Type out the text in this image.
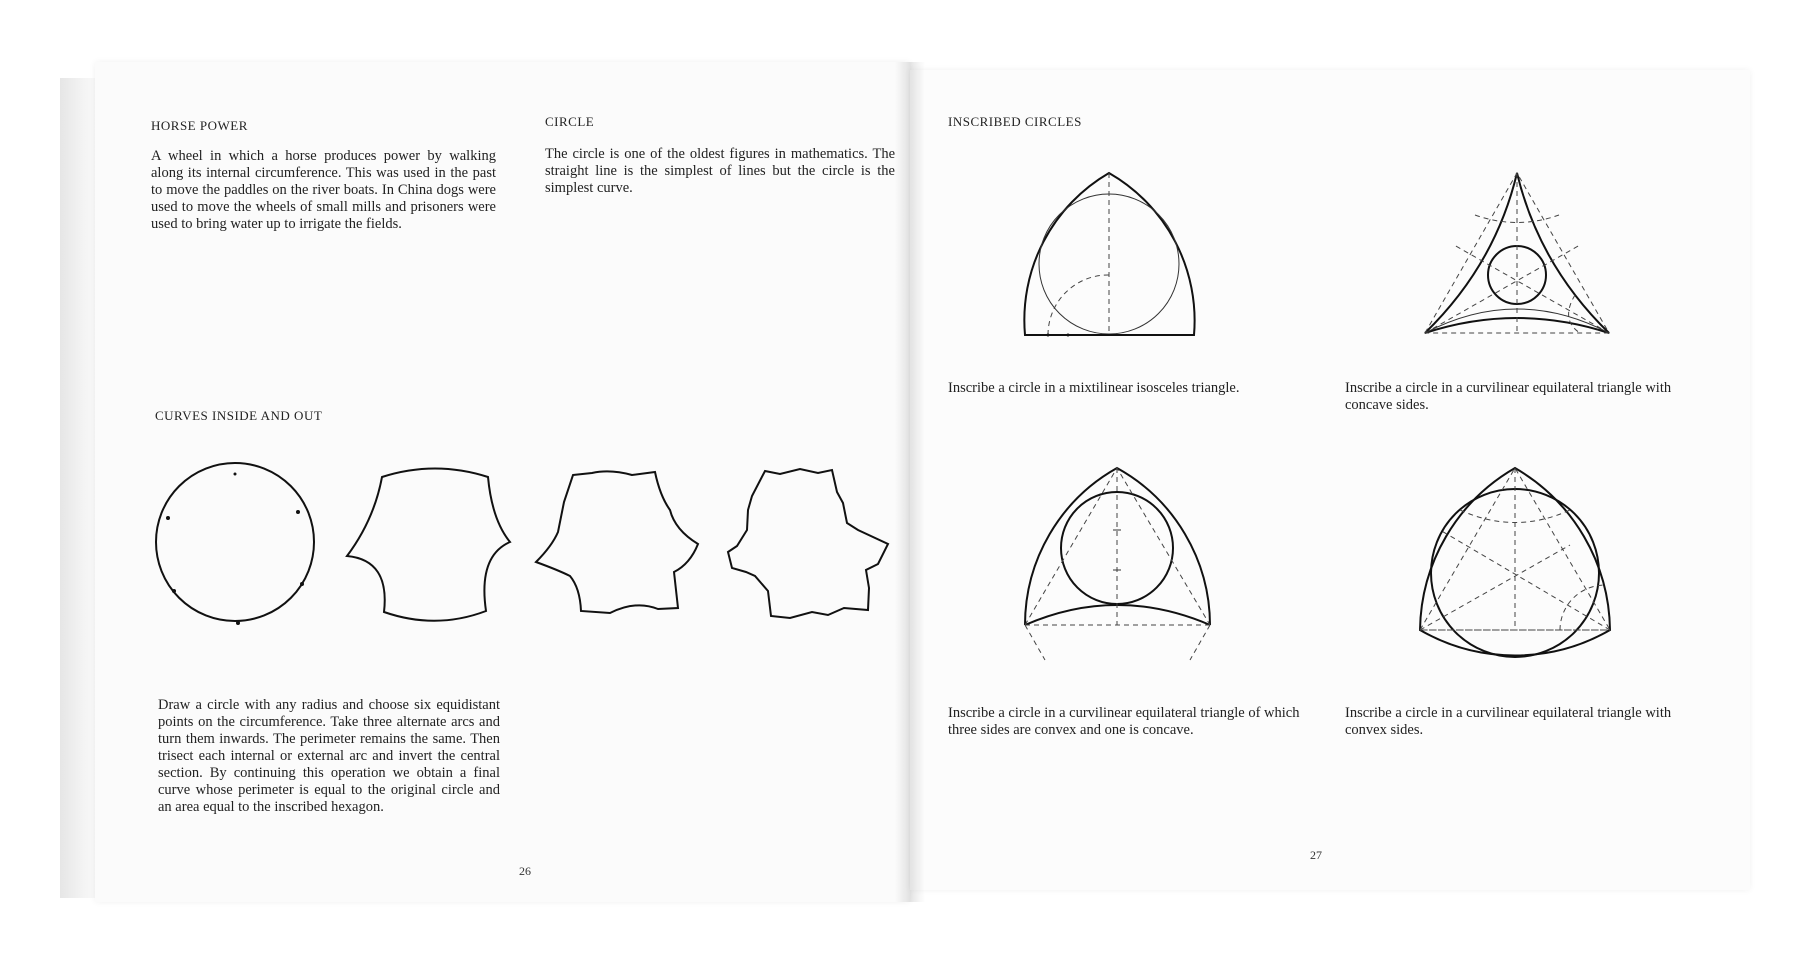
HORSE POWER
A wheel in which a horse produces power by walking along its internal circumference. This was used in the past to move the paddles on the river boats. In China dogs were used to move the wheels of small mills and prisoners were used to bring water up to irrigate the fields.
CIRCLE
The circle is one of the oldest figures in mathematics. The straight line is the simplest of lines but the circle is the simplest curve.
CURVES INSIDE AND OUT
Draw a circle with any radius and choose six equidistant points on the circumference. Take three alternate arcs and turn them inwards. The perimeter remains the same. Then trisect each internal or external arc and invert the central section. By continuing this operation we obtain a final curve whose perimeter is equal to the original circle and an area equal to the inscribed hexagon.
26
INSCRIBED CIRCLES
Inscribe a circle in a mixtilinear isosceles triangle.	Inscribe a circle in a curvilinear equilateral triangle with concave sides.
Inscribe a circle in a curvilinear equilateral triangle of which three sides are convex and one is concave.
Inscribe a circle in a curvilinear equilateral triangle with convex sides.
27
